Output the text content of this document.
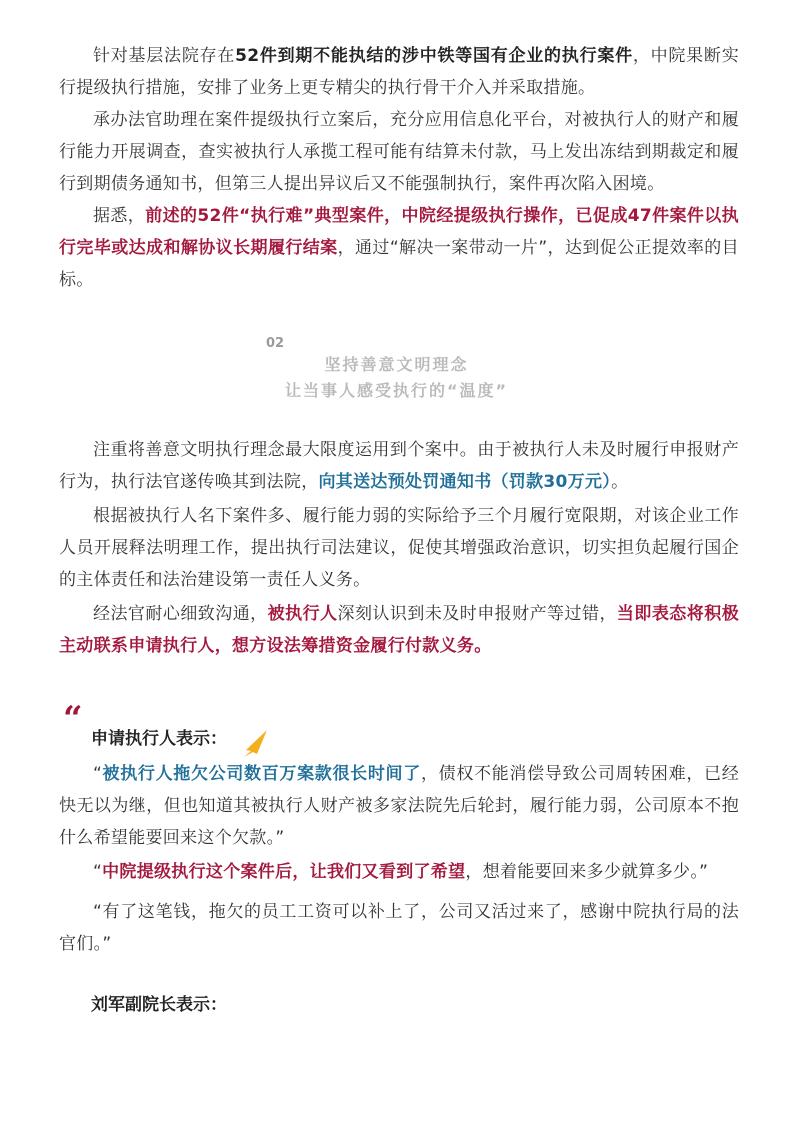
针对基层法院存在52件到期不能执结的涉中铁等国有企业的执行案件，中院果断实行提级执行措施，安排了业务上更专精尖的执行骨干介入并采取措施。

承办法官助理在案件提级执行立案后，充分应用信息化平台，对被执行人的财产和履行能力开展调查，查实被执行人承揽工程可能有结算未付款，马上发出冻结到期裁定和履行到期债务通知书，但第三人提出异议后又不能强制执行，案件再次陷入困境。

据悉，前述的52件“执行难”典型案件，中院经提级执行操作，已促成47件案件以执行完毕或达成和解协议长期履行结案，通过“解决一案带动一片”，达到促公正提效率的目标。

02
坚持善意文明理念
让当事人感受执行的“温度”

注重将善意文明执行理念最大限度运用到个案中。由于被执行人未及时履行申报财产行为，执行法官遂传唤其到法院，向其送达预处罚通知书（罚款30万元）。

根据被执行人名下案件多、履行能力弱的实际给予三个月履行宽限期，对该企业工作人员开展释法明理工作，提出执行司法建议，促使其增强政治意识，切实担负起履行国企的主体责任和法治建设第一责任人义务。

经法官耐心细致沟通，被执行人深刻认识到未及时申报财产等过错，当即表态将积极主动联系申请执行人，想方设法筹措资金履行付款义务。

“ 申请执行人表示：

“被执行人拖欠公司数百万案款很长时间了，债权不能消偿导致公司周转困难，已经快无以为继，但也知道其被执行人财产被多家法院先后轮封，履行能力弱，公司原本不抱什么希望能要回来这个欠款。”

“中院提级执行这个案件后，让我们又看到了希望，想着能要回来多少就算多少。”

“有了这笔钱，拖欠的员工工资可以补上了，公司又活过来了，感谢中院执行局的法官们。”

刘军副院长表示：
